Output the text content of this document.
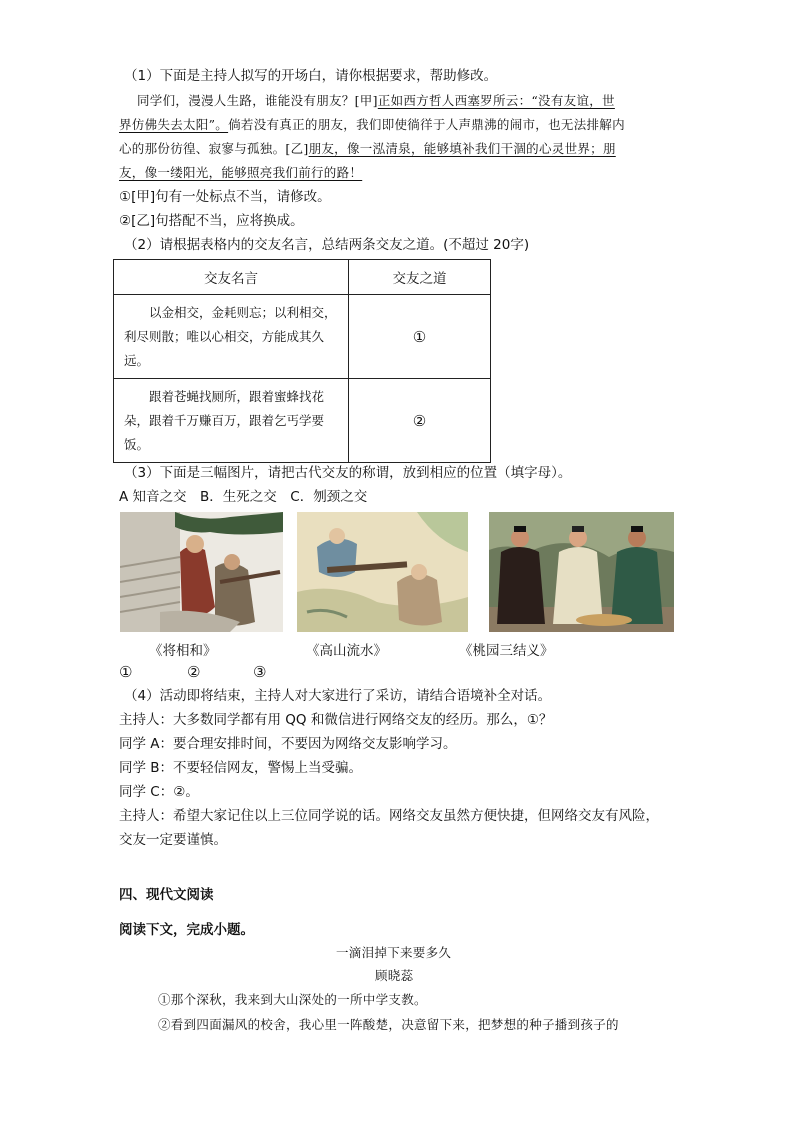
（1）下面是主持人拟写的开场白，请你根据要求，帮助修改。
同学们，漫漫人生路，谁能没有朋友？[甲]正如西方哲人西塞罗所云：“没有友谊，世
界仿佛失去太阳”。倘若没有真正的朋友，我们即使徜徉于人声鼎沸的闹市，也无法排解内
心的那份彷徨、寂寥与孤独。[乙]朋友，像一泓清泉，能够填补我们干涸的心灵世界；朋
友，像一缕阳光，能够照亮我们前行的路！
①[甲]句有一处标点不当，请修改。
②[乙]句搭配不当，应将换成。
（2）请根据表格内的交友名言，总结两条交友之道。(不超过 20字)
交友名言	交友之道

以金相交，金耗则忘；以利相交，利尽则散；唯以心相交，方能成其久远。	①

跟着苍蝇找厕所，跟着蜜蜂找花朵，跟着千万赚百万，跟着乞丐学要饭。	②
（3）下面是三幅图片，请把古代交友的称谓，放到相应的位置（填字母）。
A 知音之交　B．生死之交　C．刎颈之交
《将相和》	《高山流水》	《桃园三结义》
①	②	③
（4）活动即将结束，主持人对大家进行了采访，请结合语境补全对话。
主持人：大多数同学都有用 QQ 和微信进行网络交友的经历。那么，①？
同学 A：要合理安排时间，不要因为网络交友影响学习。
同学 B：不要轻信网友，警惕上当受骗。
同学 C：②。
主持人：希望大家记住以上三位同学说的话。网络交友虽然方便快捷，但网络交友有风险，
交友一定要谨慎。
四、现代文阅读
阅读下文，完成小题。
一滴泪掉下来要多久
顾晓蕊
①那个深秋，我来到大山深处的一所中学支教。
②看到四面漏风的校舍，我心里一阵酸楚，决意留下来，把梦想的种子播到孩子的
